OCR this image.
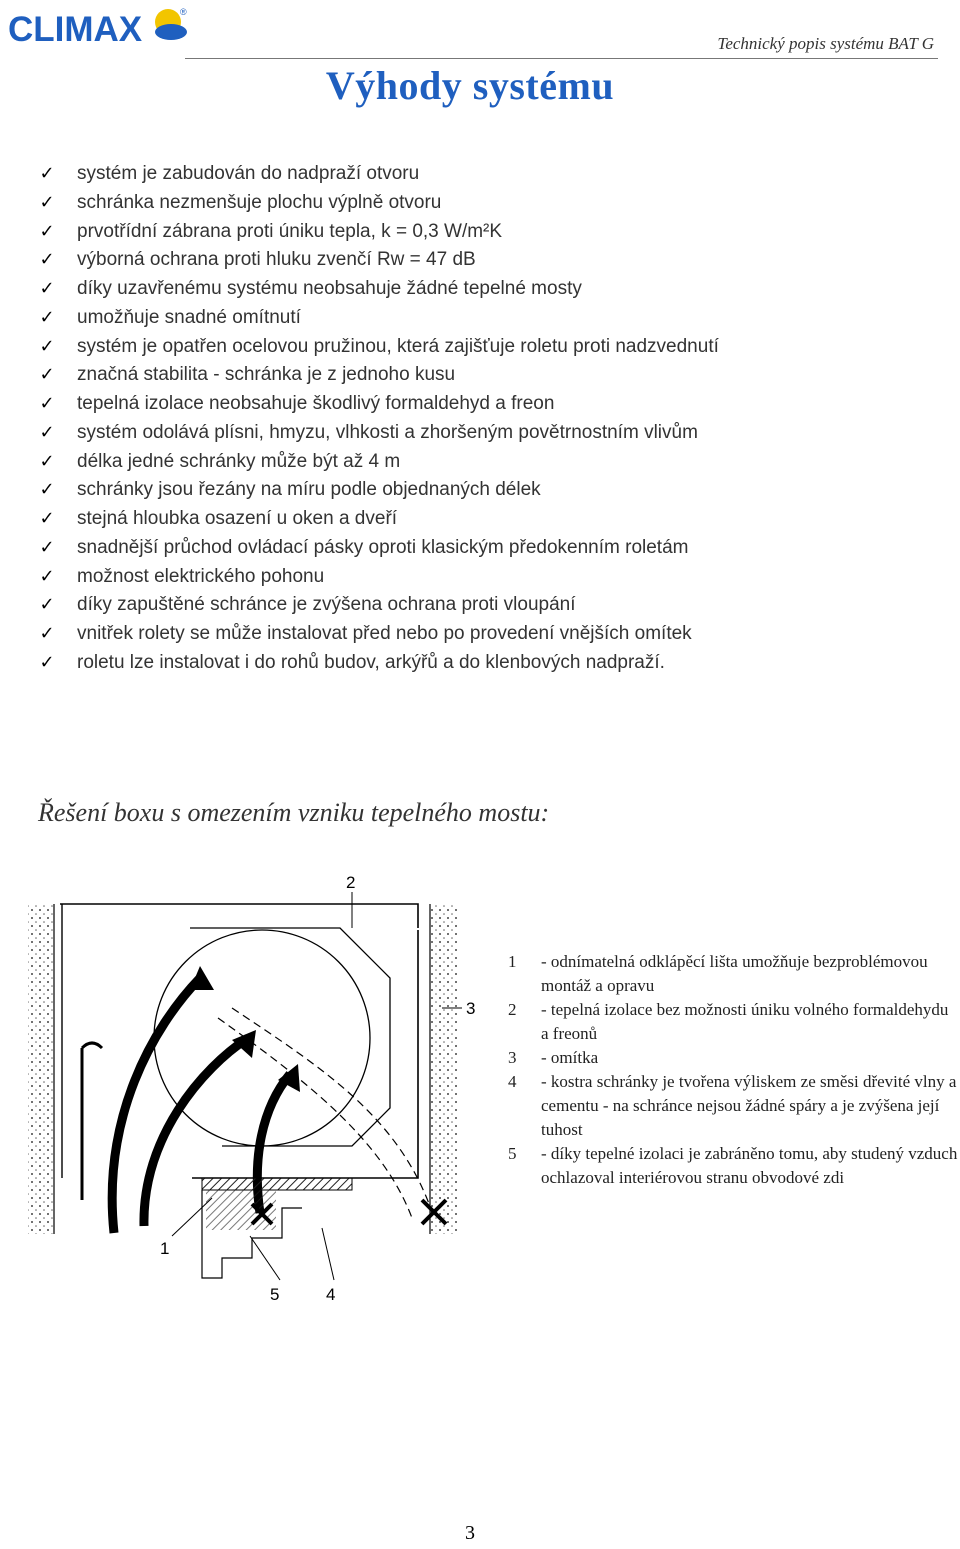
CLIMAX	®
Technický popis systému BAT G
Výhody systému
✓ systém je zabudován do nadpraží otvoru
✓ schránka nezmenšuje plochu výplně otvoru
✓ prvotřídní zábrana proti úniku tepla, k = 0,3 W/m²K
✓ výborná ochrana proti hluku zvenčí Rw = 47 dB
✓ díky uzavřenému systému neobsahuje žádné tepelné mosty
✓ umožňuje snadné omítnutí
✓ systém je opatřen ocelovou pružinou, která zajišťuje roletu proti nadzvednutí
✓ značná stabilita - schránka je z jednoho kusu
✓ tepelná izolace neobsahuje škodlivý formaldehyd a freon
✓ systém odolává plísni, hmyzu, vlhkosti a zhoršeným povětrnostním vlivům
✓ délka jedné schránky může být až 4 m
✓ schránky jsou řezány na míru podle objednaných délek
✓ stejná hloubka osazení u oken a dveří
✓ snadnější průchod ovládací pásky oproti klasickým předokenním roletám
✓ možnost elektrického pohonu
✓ díky zapuštěné schránce je zvýšena ochrana proti vloupání
✓ vnitřek rolety se může instalovat před nebo po provedení vnějších omítek
✓ roletu lze instalovat i do rohů budov, arkýřů a do klenbových nadpraží.
Řešení boxu s omezením vzniku tepelného mostu:
2
3
1
5	4

1 - odnímatelná odklápěcí lišta umožňuje bezproblémovou montáž a opravu

2 - tepelná izolace bez možnosti úniku volného formaldehydu a freonů

3 - omítka

4 - kostra schránky je tvořena výliskem ze směsi dřevité vlny a cementu - na schránce nejsou žádné spáry a je zvýšena její tuhost

5 - díky tepelné izolaci je zabráněno tomu, aby studený vzduch ochlazoval interiérovou stranu obvodové zdi

3
